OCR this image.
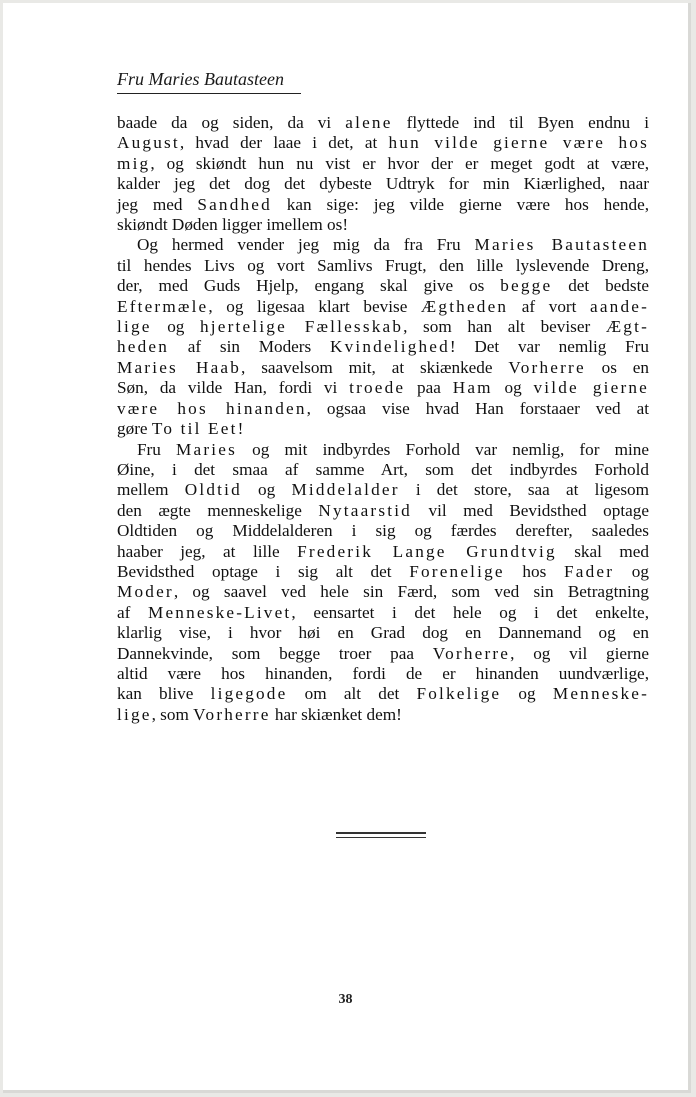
Fru Maries Bautasteen
baade da og siden, da vi alene flyttede ind til Byen endnu i
August, hvad der laae i det, at hun vilde gierne være hos
mig, og skiøndt hun nu vist er hvor der er meget godt at være,
kalder jeg det dog det dybeste Udtryk for min Kiærlighed, naar
jeg med Sandhed kan sige: jeg vilde gierne være hos hende,
skiøndt Døden ligger imellem os!
Og hermed vender jeg mig da fra Fru Maries Bautasteen
til hendes Livs og vort Samlivs Frugt, den lille lyslevende Dreng,
der, med Guds Hjelp, engang skal give os begge det bedste
Eftermæle, og ligesaa klart bevise Ægtheden af vort aande-
lige og hjertelige Fællesskab, som han alt beviser Ægt-
heden af sin Moders Kvindelighed! Det var nemlig Fru
Maries Haab, saavelsom mit, at skiænkede Vorherre os en
Søn, da vilde Han, fordi vi troede paa Ham og vilde gierne
være hos hinanden, ogsaa vise hvad Han forstaaer ved at
gøre To til Eet!
Fru Maries og mit indbyrdes Forhold var nemlig, for mine
Øine, i det smaa af samme Art, som det indbyrdes Forhold
mellem Oldtid og Middelalder i det store, saa at ligesom
den ægte menneskelige Nytaarstid vil med Bevidsthed optage
Oldtiden og Middelalderen i sig og færdes derefter, saaledes
haaber jeg, at lille Frederik Lange Grundtvig skal med
Bevidsthed optage i sig alt det Forenelige hos Fader og
Moder, og saavel ved hele sin Færd, som ved sin Betragtning
af Menneske-Livet, eensartet i det hele og i det enkelte,
klarlig vise, i hvor høi en Grad dog en Dannemand og en
Dannekvinde, som begge troer paa Vorherre, og vil gierne
altid være hos hinanden, fordi de er hinanden uundværlige,
kan blive ligegode om alt det Folkelige og Menneske-
lige, som Vorherre har skiænket dem!
38
